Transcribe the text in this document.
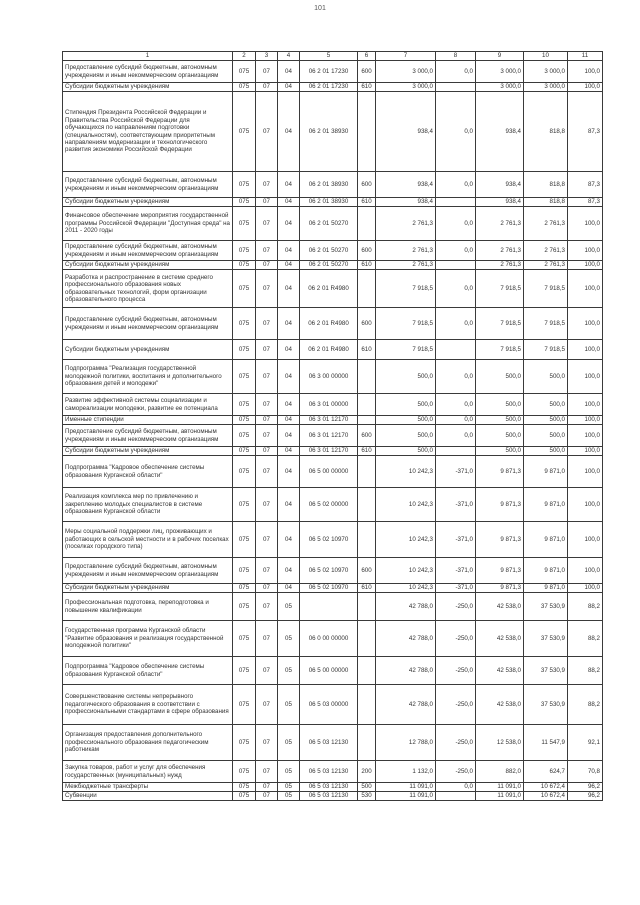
101
1	2	3	4	5	6	7	8	9	10	11
Предоставление субсидий бюджетным, автономным учреждениям и иным некоммерческим организациям	075	07	04	06 2 01 17230	600	3 000,0	0,0	3 000,0	3 000,0	100,0
Субсидии бюджетным учреждениям	075	07	04	06 2 01 17230	610	3 000,0		3 000,0	3 000,0	100,0
Стипендия Президента Российской Федерации и Правительства Российской Федерации для обучающихся по направлениям подготовки (специальностям), соответствующим приоритетным направлениям модернизации и технологического развития экономики Российской Федерации	075	07	04	06 2 01 38930		938,4	0,0	938,4	818,8	87,3
Предоставление субсидий бюджетным, автономным учреждениям и иным некоммерческим организациям	075	07	04	06 2 01 38930	600	938,4	0,0	938,4	818,8	87,3
Субсидии бюджетным учреждениям	075	07	04	06 2 01 38930	610	938,4		938,4	818,8	87,3
Финансовое обеспечение мероприятия государственной программы Российской Федерации "Доступная среда" на 2011 - 2020 годы	075	07	04	06 2 01 50270		2 761,3	0,0	2 761,3	2 761,3	100,0
Предоставление субсидий бюджетным, автономным учреждениям и иным некоммерческим организациям	075	07	04	06 2 01 50270	600	2 761,3	0,0	2 761,3	2 761,3	100,0
Субсидии бюджетным учреждениям	075	07	04	06 2 01 50270	610	2 761,3		2 761,3	2 761,3	100,0
Разработка и распространение в системе среднего профессионального образования новых образовательных технологий, форм организации образовательного процесса	075	07	04	06 2 01 R4980		7 918,5	0,0	7 918,5	7 918,5	100,0
Предоставление субсидий бюджетным, автономным учреждениям и иным некоммерческим организациям	075	07	04	06 2 01 R4980	600	7 918,5	0,0	7 918,5	7 918,5	100,0
Субсидии бюджетным учреждениям	075	07	04	06 2 01 R4980	610	7 918,5		7 918,5	7 918,5	100,0
Подпрограмма "Реализация государственной молодежной политики, воспитания и дополнительного образования детей и молодежи"	075	07	04	06 3 00 00000		500,0	0,0	500,0	500,0	100,0
Развитие эффективной системы социализации и самореализации молодежи, развитие ее потенциала	075	07	04	06 3 01 00000		500,0	0,0	500,0	500,0	100,0
Именные стипендии	075	07	04	06 3 01 12170		500,0	0,0	500,0	500,0	100,0
Предоставление субсидий бюджетным, автономным учреждениям и иным некоммерческим организациям	075	07	04	06 3 01 12170	600	500,0	0,0	500,0	500,0	100,0
Субсидии бюджетным учреждениям	075	07	04	06 3 01 12170	610	500,0		500,0	500,0	100,0
Подпрограмма "Кадровое обеспечение системы образования Курганской области"	075	07	04	06 5 00 00000		10 242,3	-371,0	9 871,3	9 871,0	100,0
Реализация комплекса мер по привлечению и закреплению молодых специалистов в системе образования Курганской области	075	07	04	06 5 02 00000		10 242,3	-371,0	9 871,3	9 871,0	100,0
Меры социальной поддержки лиц, проживающих и работающих в сельской местности и в рабочих поселках (поселках городского типа)	075	07	04	06 5 02 10970		10 242,3	-371,0	9 871,3	9 871,0	100,0
Предоставление субсидий бюджетным, автономным учреждениям и иным некоммерческим организациям	075	07	04	06 5 02 10970	600	10 242,3	-371,0	9 871,3	9 871,0	100,0
Субсидии бюджетным учреждениям	075	07	04	06 5 02 10970	610	10 242,3	-371,0	9 871,3	9 871,0	100,0
Профессиональная подготовка, переподготовка и повышение квалификации	075	07	05			42 788,0	-250,0	42 538,0	37 530,9	88,2
Государственная программа Курганской области "Развитие образования и реализация государственной молодежной политики"	075	07	05	06 0 00 00000		42 788,0	-250,0	42 538,0	37 530,9	88,2
Подпрограмма "Кадровое обеспечение системы образования Курганской области"	075	07	05	06 5 00 00000		42 788,0	-250,0	42 538,0	37 530,9	88,2
Совершенствование системы непрерывного педагогического образования в соответствии с профессиональными стандартами в сфере образования	075	07	05	06 5 03 00000		42 788,0	-250,0	42 538,0	37 530,9	88,2
Организация предоставления дополнительного профессионального образования педагогическим работникам	075	07	05	06 5 03 12130		12 788,0	-250,0	12 538,0	11 547,9	92,1
Закупка товаров, работ и услуг для обеспечения государственных (муниципальных) нужд	075	07	05	06 5 03 12130	200	1 132,0	-250,0	882,0	624,7	70,8
Межбюджетные трансферты	075	07	05	06 5 03 12130	500	11 091,0	0,0	11 091,0	10 672,4	96,2
Субвенции	075	07	05	06 5 03 12130	530	11 091,0		11 091,0	10 672,4	96,2
